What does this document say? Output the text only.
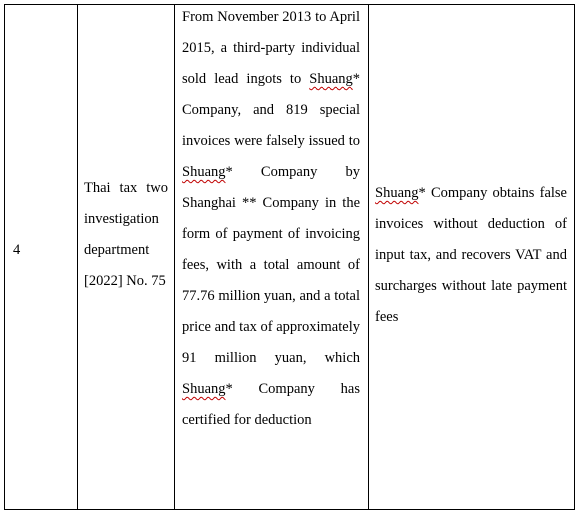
4

Thai tax two investigation department [2022] No. 75

From November 2013 to April 2015, a third-party individual sold lead ingots to Shuang* Company, and 819 special invoices were falsely issued to Shuang* Company by Shanghai ** Company in the form of payment of invoicing fees, with a total amount of 77.76 million yuan, and a total price and tax of approximately 91 million yuan, which Shuang* Company has certified for deduction

Shuang* Company obtains false invoices without deduction of input tax, and recovers VAT and surcharges without late payment fees
